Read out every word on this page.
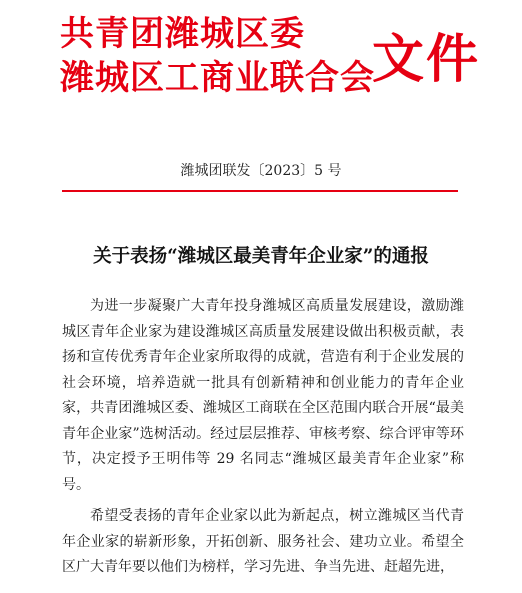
共青团潍城区委
潍城区工商业联合会
文件
潍城团联发〔2023〕5 号
关于表扬“潍城区最美青年企业家”的通报

为进一步凝聚广大青年投身潍城区高质量发展建设，激励潍城区青年企业家为建设潍城区高质量发展建设做出积极贡献，表扬和宣传优秀青年企业家所取得的成就，营造有利于企业发展的社会环境，培养造就一批具有创新精神和创业能力的青年企业家，共青团潍城区委、潍城区工商联在全区范围内联合开展“最美青年企业家”选树活动。经过层层推荐、审核考察、综合评审等环节，决定授予王明伟等 29 名同志“潍城区最美青年企业家”称号。

希望受表扬的青年企业家以此为新起点，树立潍城区当代青年企业家的崭新形象，开拓创新、服务社会、建功立业。希望全区广大青年要以他们为榜样，学习先进、争当先进、赶超先进，
